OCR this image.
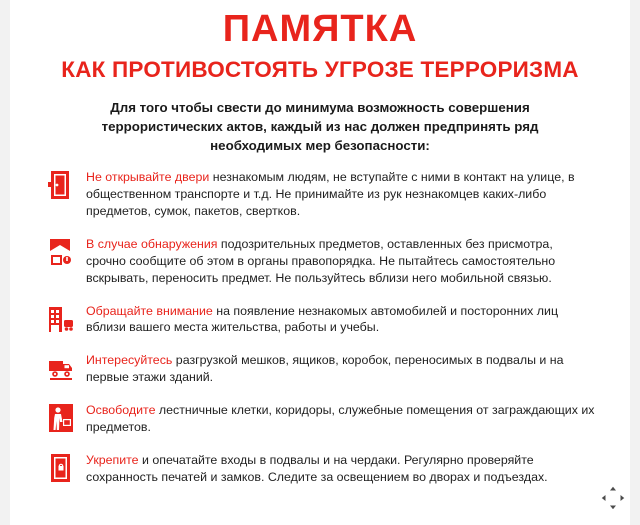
ПАМЯТКА
КАК ПРОТИВОСТОЯТЬ УГРОЗЕ ТЕРРОРИЗМА

Для того чтобы свести до минимума возможность совершения террористических актов, каждый из нас должен предпринять ряд необходимых мер безопасности:

Не открывайте двери незнакомым людям, не вступайте с ними в контакт на улице, в общественном транспорте и т.д. Не принимайте из рук незнакомцев каких-либо предметов, сумок, пакетов, свертков.
В случае обнаружения подозрительных предметов, оставленных без присмотра, срочно сообщите об этом в органы правопорядка. Не пытайтесь самостоятельно вскрывать, переносить предмет. Не пользуйтесь вблизи него мобильной связью.
Обращайте внимание на появление незнакомых автомобилей и посторонних лиц вблизи вашего места жительства, работы и учебы.
Интересуйтесь разгрузкой мешков, ящиков, коробок, переносимых в подвалы и на первые этажи зданий.
Освободите лестничные клетки, коридоры, служебные помещения от заграждающих их предметов.
Укрепите и опечатайте входы в подвалы и на чердаки. Регулярно проверяйте сохранность печатей и замков. Следите за освещением во дворах и подъездах.
